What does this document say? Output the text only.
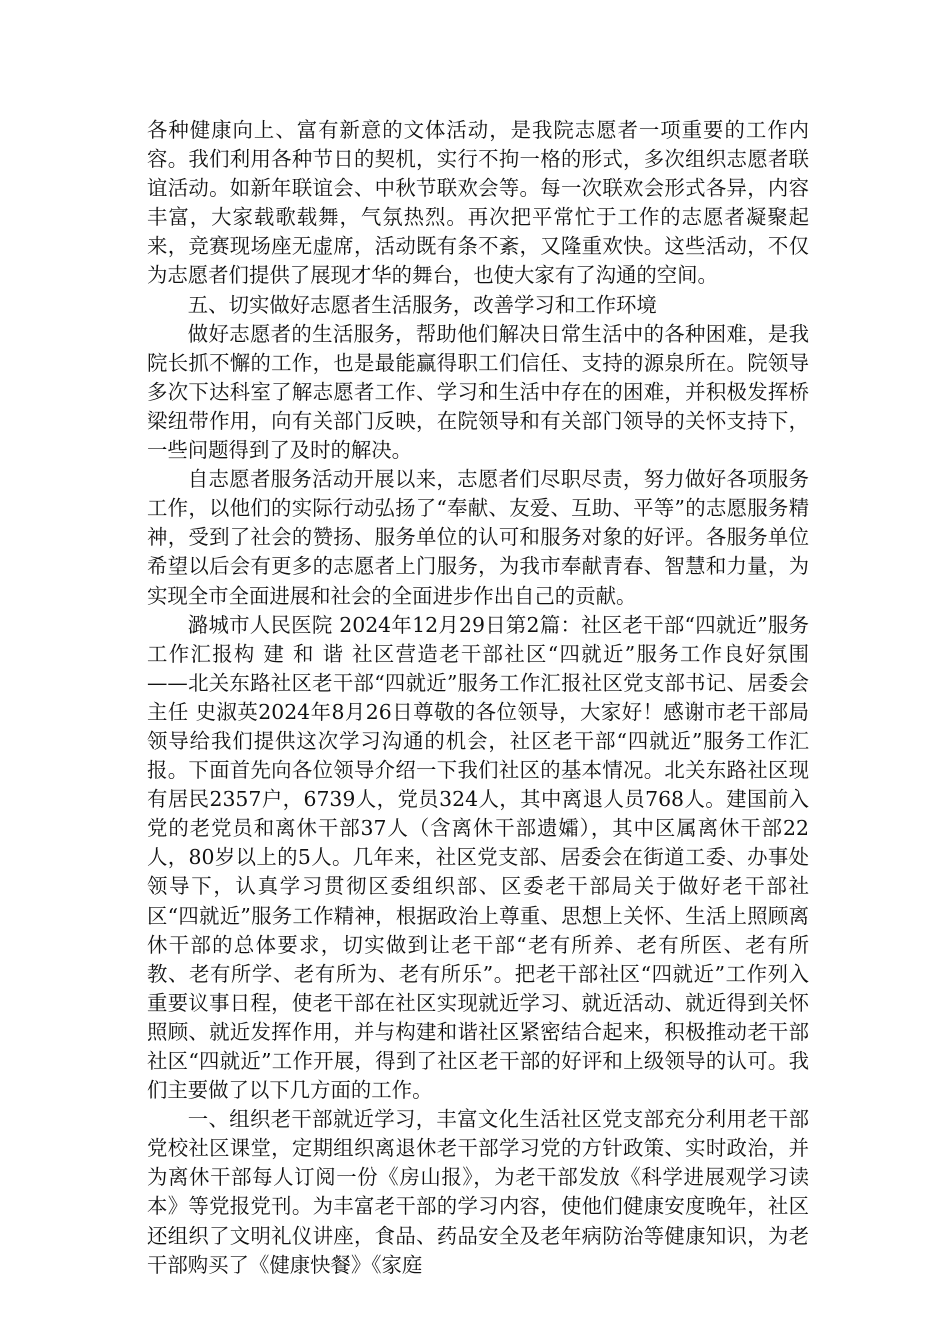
各种健康向上、富有新意的文体活动，是我院志愿者一项重要的工作内容。我们利用各种节日的契机，实行不拘一格的形式，多次组织志愿者联谊活动。如新年联谊会、中秋节联欢会等。每一次联欢会形式各异，内容丰富，大家载歌载舞，气氛热烈。再次把平常忙于工作的志愿者凝聚起来，竞赛现场座无虚席，活动既有条不紊，又隆重欢快。这些活动，不仅为志愿者们提供了展现才华的舞台，也使大家有了沟通的空间。

五、切实做好志愿者生活服务，改善学习和工作环境

做好志愿者的生活服务，帮助他们解决日常生活中的各种困难，是我院长抓不懈的工作，也是最能赢得职工们信任、支持的源泉所在。院领导多次下达科室了解志愿者工作、学习和生活中存在的困难，并积极发挥桥梁纽带作用，向有关部门反映，在院领导和有关部门领导的关怀支持下，一些问题得到了及时的解决。

自志愿者服务活动开展以来，志愿者们尽职尽责，努力做好各项服务工作，以他们的实际行动弘扬了“奉献、友爱、互助、平等”的志愿服务精神，受到了社会的赞扬、服务单位的认可和服务对象的好评。各服务单位希望以后会有更多的志愿者上门服务，为我市奉献青春、智慧和力量，为实现全市全面进展和社会的全面进步作出自己的贡献。

潞城市人民医院 2024年12月29日第2篇：社区老干部“四就近”服务工作汇报构 建 和 谐 社区营造老干部社区“四就近”服务工作良好氛围 ——北关东路社区老干部“四就近”服务工作汇报社区党支部书记、居委会主任 史淑英2024年8月26日尊敬的各位领导，大家好！感谢市老干部局领导给我们提供这次学习沟通的机会，社区老干部“四就近”服务工作汇报。下面首先向各位领导介绍一下我们社区的基本情况。北关东路社区现有居民2357户，6739人，党员324人，其中离退人员768人。建国前入党的老党员和离休干部37人（含离休干部遗孀），其中区属离休干部22人，80岁以上的5人。几年来，社区党支部、居委会在街道工委、办事处领导下，认真学习贯彻区委组织部、区委老干部局关于做好老干部社区“四就近”服务工作精神，根据政治上尊重、思想上关怀、生活上照顾离休干部的总体要求，切实做到让老干部“老有所养、老有所医、老有所教、老有所学、老有所为、老有所乐”。把老干部社区“四就近”工作列入重要议事日程，使老干部在社区实现就近学习、就近活动、就近得到关怀照顾、就近发挥作用，并与构建和谐社区紧密结合起来，积极推动老干部社区“四就近”工作开展，得到了社区老干部的好评和上级领导的认可。我们主要做了以下几方面的工作。

一、组织老干部就近学习，丰富文化生活社区党支部充分利用老干部党校社区课堂，定期组织离退休老干部学习党的方针政策、实时政治，并为离休干部每人订阅一份《房山报》，为老干部发放《科学进展观学习读本》等党报党刊。为丰富老干部的学习内容，使他们健康安度晚年，社区还组织了文明礼仪讲座，食品、药品安全及老年病防治等健康知识，为老干部购买了《健康快餐》《家庭
